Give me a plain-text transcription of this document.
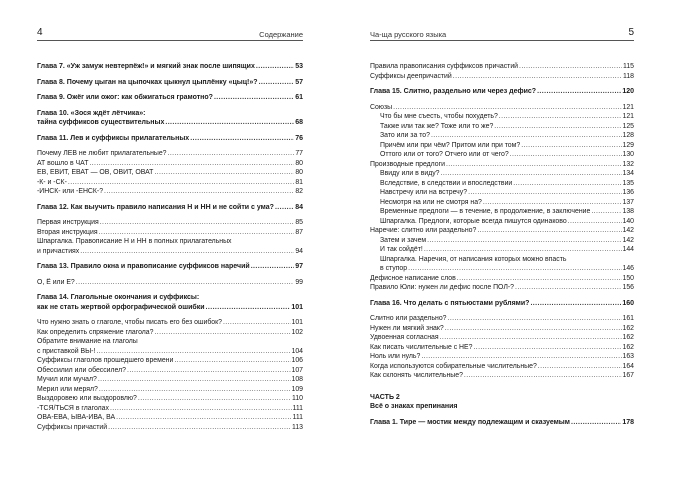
4	Содержание
Глава 7. «Уж замуж невтерпёж!» и мягкий знак после шипящих .....	53
Глава 8. Почему цыган на цыпочках цыкнул цыплёнку «цыц!»? .....	57
Глава 9. Ожёг или ожог: как обжигаться грамотно? .....	61
Глава 10. «Зося ждёт лётчика»:
тайна суффиксов существительных .....	68
Глава 11. Лев и суффиксы прилагательных .....	76
Почему ЛЕВ не любит прилагательные? .....	77
АТ вошло в ЧАТ .....	80
ЕВ, ЕВИТ, ЕВАТ — ОВ, ОВИТ, ОВАТ .....	80
-К- и -СК- .....	81
-ИНСК- или -ЕНСК-? .....	82
Глава 12. Как выучить правило написания Н и НН и не сойти с ума? .....	84
Первая инструкция .....	85
Вторая инструкция .....	87
Шпаргалка. Правописание Н и НН в полных прилагательных
и причастиях .....	94
Глава 13. Правило окна и правописание суффиксов наречий .....	97
О, Ё или Е? .....	99
Глава 14. Глагольные окончания и суффиксы:
как не стать жертвой орфографической ошибки .....	101
Что нужно знать о глаголе, чтобы писать его без ошибок? .....	101
Как определить спряжение глагола? .....	102
Обратите внимание на глаголы
с приставкой ВЫ-! .....	104
Суффиксы глаголов прошедшего времени .....	106
Обессилил или обессилел? .....	107
Мучил или мучал? .....	108
Мерил или мерял? .....	109
Выздоровею или выздоровлю? .....	110
-ТСЯ/ТЬСЯ в глаголах .....	111
ОВА-ЕВА, ЫВА-ИВА, ВА .....	111
Суффиксы причастий .....	113
Ча-ща русского языка	5
Правила правописания суффиксов причастий .....	115
Суффиксы деепричастий .....	118
Глава 15. Слитно, раздельно или через дефис? .....	120
Союзы .....	121
Что бы мне съесть, чтобы похудеть? .....	121
Также или так же? Тоже или то же? .....	125
Зато или за то? .....	128
Причём или при чём? Притом или при том? .....	129
Оттого или от того? Отчего или от чего? .....	130
Производные предлоги .....	132
Ввиду или в виду? .....	134
Вследствие, в следствии и впоследствии .....	135
Навстречу или на встречу? .....	136
Несмотря на или не смотря на? .....	137
Временные предлоги — в течение, в продолжение, в заключение .....	138
Шпаргалка. Предлоги, которые всегда пишутся одинаково .....	140
Наречие: слитно или раздельно? .....	142
Затем и зачем .....	142
И так сойдёт! .....	144
Шпаргалка. Наречия, от написания которых можно впасть
в ступор .....	146
Дефисное написание слов .....	150
Правило Юли: нужен ли дефис после ПОЛ-? .....	156
Глава 16. Что делать с пятьюстами рублями? .....	160
Слитно или раздельно? .....	161
Нужен ли мягкий знак? .....	162
Удвоенная согласная .....	162
Как писать числительные с НЕ? .....	162
Ноль или нуль? .....	163
Когда используются собирательные числительные? .....	164
Как склонять числительные? .....	167
ЧАСТЬ 2
Всё о знаках препинания
Глава 1. Тире — мостик между подлежащим и сказуемым .....	178
